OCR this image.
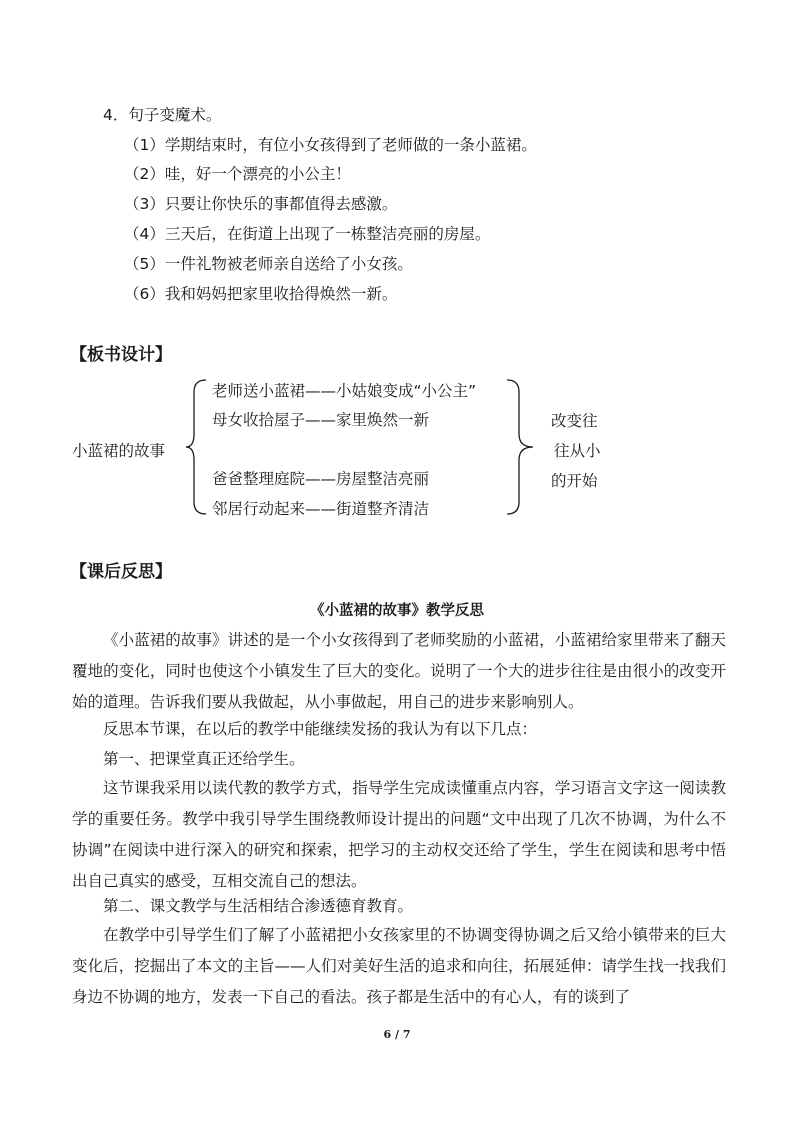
4．句子变魔术。
（1）学期结束时，有位小女孩得到了老师做的一条小蓝裙。
（2）哇，好一个漂亮的小公主！
（3）只要让你快乐的事都值得去感激。
（4）三天后，在街道上出现了一栋整洁亮丽的房屋。
（5）一件礼物被老师亲自送给了小女孩。
（6）我和妈妈把家里收拾得焕然一新。
【板书设计】
小蓝裙的故事
老师送小蓝裙——小姑娘变成“小公主”
母女收拾屋子——家里焕然一新
爸爸整理庭院——房屋整洁亮丽
邻居行动起来——街道整齐清洁
改变往
往从小
的开始
【课后反思】
《小蓝裙的故事》教学反思
《小蓝裙的故事》讲述的是一个小女孩得到了老师奖励的小蓝裙，小蓝裙给家里带来了翻天覆地的变化，同时也使这个小镇发生了巨大的变化。说明了一个大的进步往往是由很小的改变开始的道理。告诉我们要从我做起，从小事做起，用自己的进步来影响别人。
反思本节课，在以后的教学中能继续发扬的我认为有以下几点：
第一、把课堂真正还给学生。
这节课我采用以读代教的教学方式，指导学生完成读懂重点内容，学习语言文字这一阅读教学的重要任务。教学中我引导学生围绕教师设计提出的问题“文中出现了几次不协调，为什么不协调”在阅读中进行深入的研究和探索，把学习的主动权交还给了学生，学生在阅读和思考中悟出自己真实的感受，互相交流自己的想法。
第二、课文教学与生活相结合渗透德育教育。
在教学中引导学生们了解了小蓝裙把小女孩家里的不协调变得协调之后又给小镇带来的巨大变化后，挖掘出了本文的主旨——人们对美好生活的追求和向往，拓展延伸：请学生找一找我们身边不协调的地方，发表一下自己的看法。孩子都是生活中的有心人，有的谈到了
6 / 7
